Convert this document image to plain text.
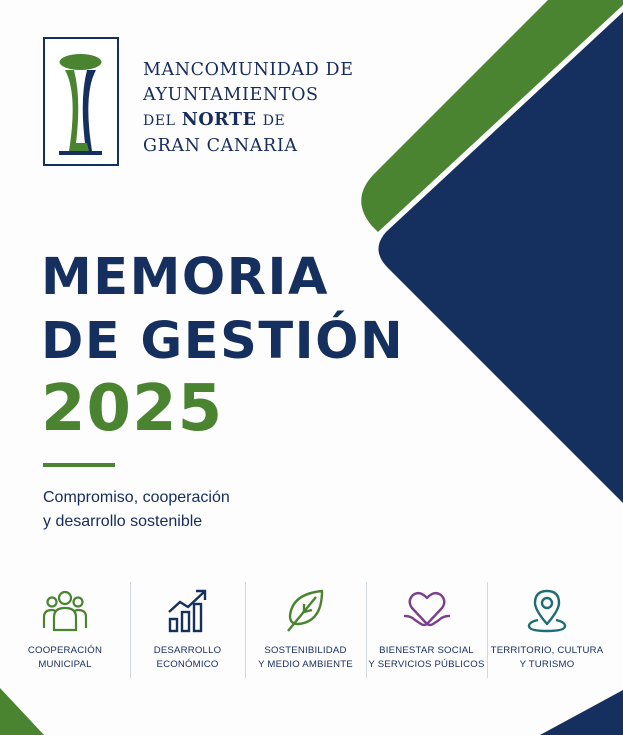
MANCOMUNIDAD DE
AYUNTAMIENTOS
DEL NORTE DE
GRAN CANARIA
MEMORIA
DE GESTIÓN
2025
Compromiso, cooperación
y desarrollo sostenible
COOPERACIÓN
MUNICIPAL
DESARROLLO
ECONÓMICO
SOSTENIBILIDAD
Y MEDIO AMBIENTE
BIENESTAR SOCIAL
Y SERVICIOS PÚBLICOS
TERRITORIO, CULTURA
Y TURISMO
